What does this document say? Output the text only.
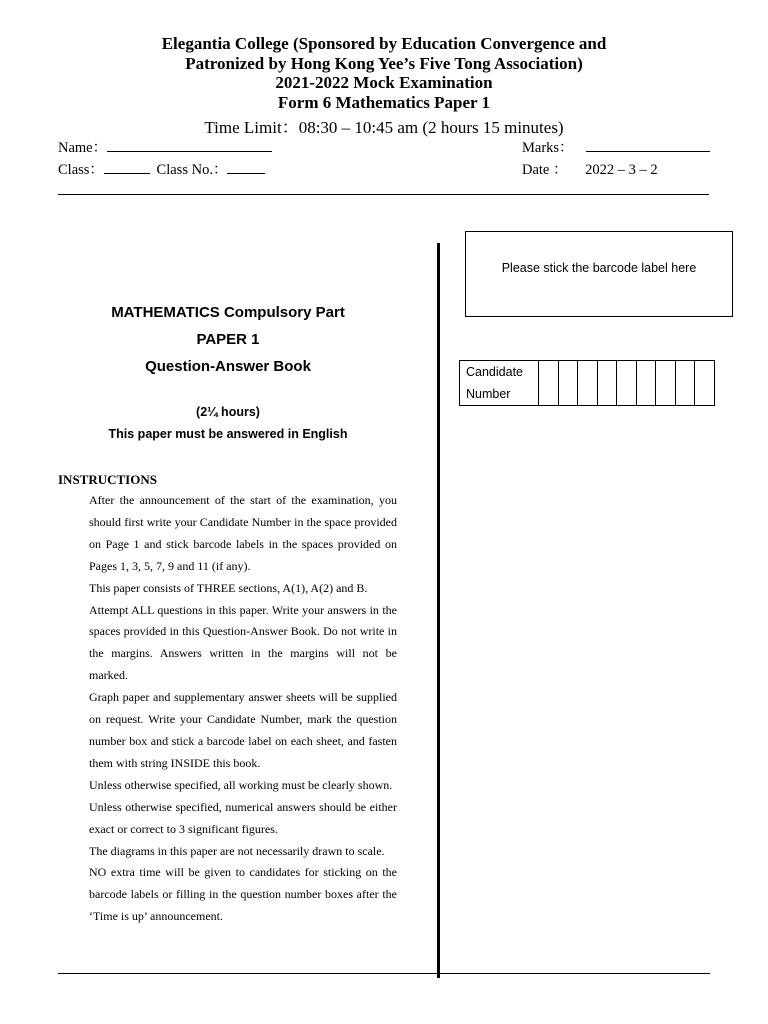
Elegantia College (Sponsored by Education Convergence and
Patronized by Hong Kong Yee’s Five Tong Association)
2021-2022 Mock Examination
Form 6 Mathematics Paper 1
Time Limit：08:30 – 10:45 am (2 hours 15 minutes)
Name：	Marks：
Class：	Class No.：	Date ： 2022 – 3 – 2
Please stick the barcode label here
Candidate
Number									
MATHEMATICS Compulsory Part
PAPER 1
Question-Answer Book
(2¼ hours)
This paper must be answered in English
INSTRUCTIONS

After the announcement of the start of the examination, you should first write your Candidate Number in the space provided on Page 1 and stick barcode labels in the spaces provided on Pages 1, 3, 5, 7, 9 and 11 (if any).

This paper consists of THREE sections, A(1), A(2) and B.

Attempt ALL questions in this paper. Write your answers in the spaces provided in this Question-Answer Book. Do not write in the margins. Answers written in the margins will not be marked.

Graph paper and supplementary answer sheets will be supplied on request. Write your Candidate Number, mark the question number box and stick a barcode label on each sheet, and fasten them with string INSIDE this book.

Unless otherwise specified, all working must be clearly shown.

Unless otherwise specified, numerical answers should be either exact or correct to 3 significant figures.

The diagrams in this paper are not necessarily drawn to scale.

NO extra time will be given to candidates for sticking on the barcode labels or filling in the question number boxes after the ‘Time is up’ announcement.
